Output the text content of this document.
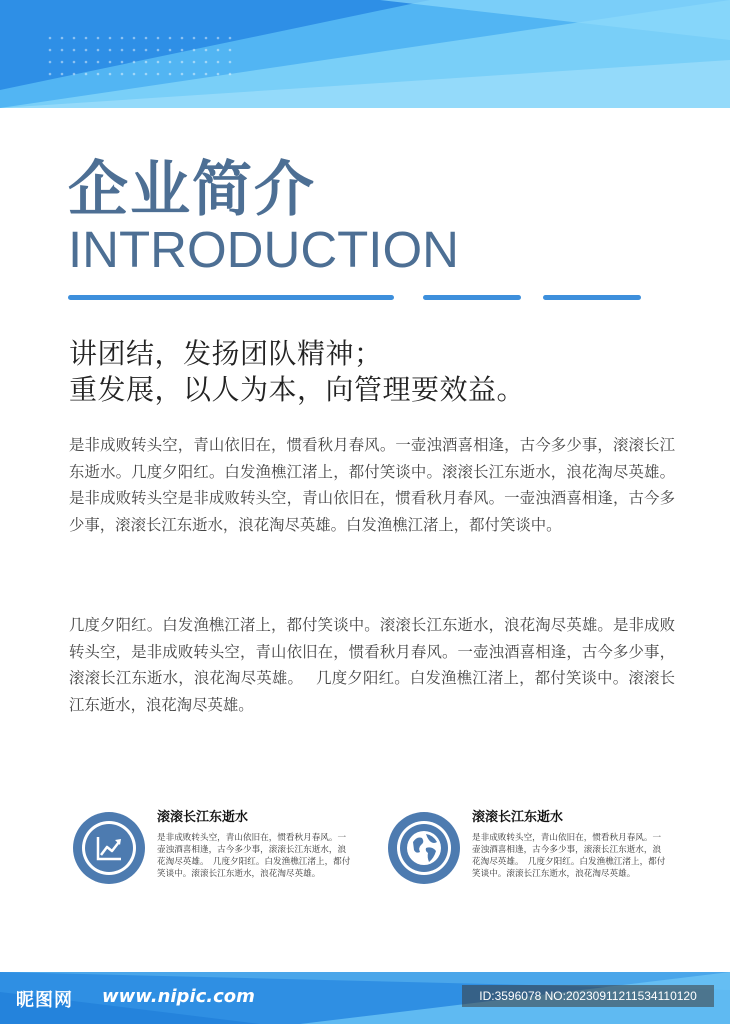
企业简介
INTRODUCTION

讲团结，发扬团队精神；

重发展，以人为本，向管理要效益。

是非成败转头空，青山依旧在，惯看秋月春风。一壶浊酒喜相逢，古今多少事，滚滚长江东逝水。几度夕阳红。白发渔樵江渚上，都付笑谈中。滚滚长江东逝水，浪花淘尽英雄。是非成败转头空是非成败转头空，青山依旧在，惯看秋月春风。一壶浊酒喜相逢，古今多少事，滚滚长江东逝水，浪花淘尽英雄。白发渔樵江渚上，都付笑谈中。

几度夕阳红。白发渔樵江渚上，都付笑谈中。滚滚长江东逝水，浪花淘尽英雄。是非成败转头空，是非成败转头空，青山依旧在，惯看秋月春风。一壶浊酒喜相逢，古今多少事，滚滚长江东逝水，浪花淘尽英雄。　 几度夕阳红。白发渔樵江渚上，都付笑谈中。滚滚长江东逝水，浪花淘尽英雄。

滚滚长江东逝水

是非成败转头空，青山依旧在，惯看秋月春风。一壶浊酒喜相逢，古今多少事，滚滚长江东逝水，浪花淘尽英雄。　几度夕阳红。白发渔樵江渚上，都付笑谈中。滚滚长江东逝水，浪花淘尽英雄。

滚滚长江东逝水

是非成败转头空，青山依旧在，惯看秋月春风。一壶浊酒喜相逢，古今多少事，滚滚长江东逝水，浪花淘尽英雄。　几度夕阳红。白发渔樵江渚上，都付笑谈中。滚滚长江东逝水，浪花淘尽英雄。

昵图网 www.nipic.com	ID:3596078 NO:20230911211534110120
